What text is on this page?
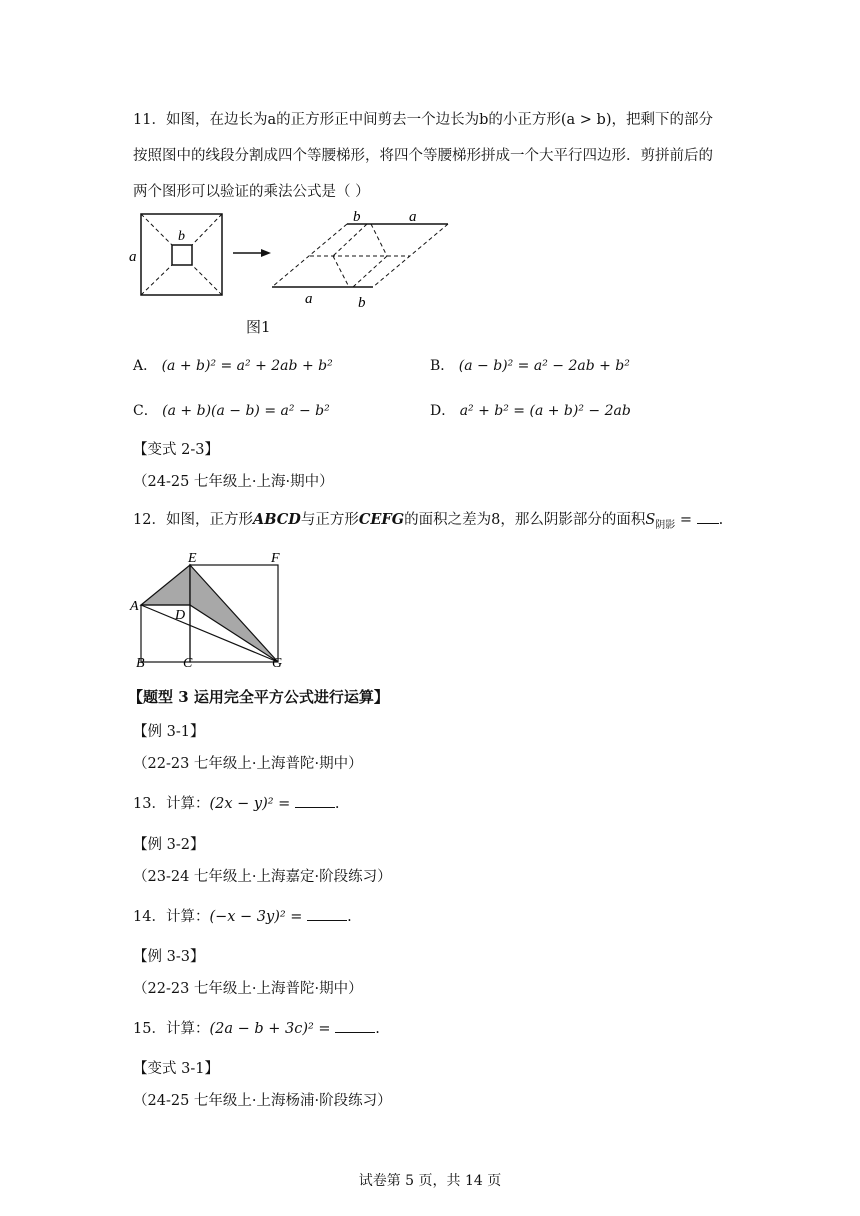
11．如图，在边长为a的正方形正中间剪去一个边长为b的小正方形(a > b)，把剩下的部分
按照图中的线段分割成四个等腰梯形，将四个等腰梯形拼成一个大平行四边形．剪拼前后的
两个图形可以验证的乘法公式是（ ）
a
b
b	a
a	b
图1
A． (a + b)² = a² + 2ab + b²	B． (a − b)² = a² − 2ab + b²
C． (a + b)(a − b) = a² − b²	D． a² + b² = (a + b)² − 2ab
【变式 2-3】
（24-25 七年级上·上海·期中）
12．如图，正方形ABCD与正方形CEFG的面积之差为8，那么阴影部分的面积$S_{阴影}$ = .
E	F
A
D
B	C	G
【题型 3 运用完全平方公式进行运算】
【例 3-1】
（22-23 七年级上·上海普陀·期中）
13．计算：(2x − y)² =	.
【例 3-2】
（23-24 七年级上·上海嘉定·阶段练习）
14．计算：(−x − 3y)² =	.
【例 3-3】
（22-23 七年级上·上海普陀·期中）
15．计算：(2a − b + 3c)² =	.
【变式 3-1】
（24-25 七年级上·上海杨浦·阶段练习）
试卷第 5 页，共 14 页
